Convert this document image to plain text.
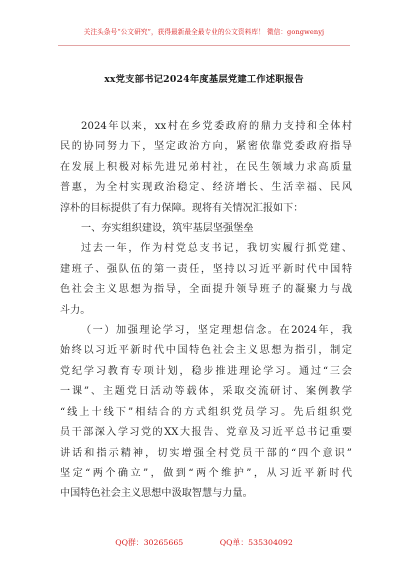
关注头条号“公文研究”，获得最新最全最专业的公文资料库！ 微信：gongwenyj
xx党支部书记2024年度基层党建工作述职报告
2024年以来，xx村在乡党委政府的鼎力支持和全体村
民的协同努力下，坚定政治方向，紧密依靠党委政府指导
在发展上积极对标先进兄弟村社，在民生领域力求高质量
普惠，为全村实现政治稳定、经济增长、生活幸福、民风
淳朴的目标提供了有力保障。现将有关情况汇报如下：
一、夯实组织建设，筑牢基层坚强堡垒
过去一年，作为村党总支书记，我切实履行抓党建、
建班子、强队伍的第一责任，坚持以习近平新时代中国特
色社会主义思想为指导，全面提升领导班子的凝聚力与战
斗力。
（一）加强理论学习，坚定理想信念。在2024年，我
始终以习近平新时代中国特色社会主义思想为指引，制定
党纪学习教育专项计划，稳步推进理论学习。通过“三会
一课”、主题党日活动等载体，采取交流研讨、案例教学
“线上十线下”相结合的方式组织党员学习。先后组织党
员干部深入学习党的XX大报告、党章及习近平总书记重要
讲话和指示精神，切实增强全村党员干部的“四个意识”
坚定“两个确立”，做到“两个维护”，从习近平新时代
中国特色社会主义思想中汲取智慧与力量。
QQ群：30265665	QQ单：535304092
